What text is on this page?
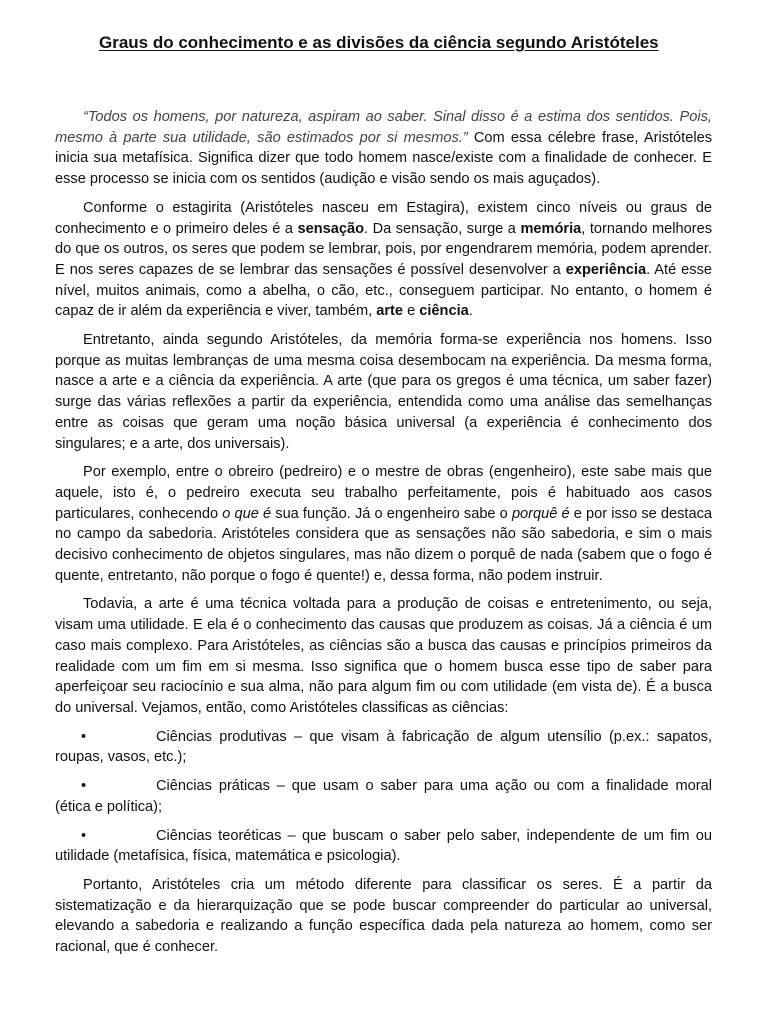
Graus do conhecimento e as divisões da ciência segundo Aristóteles

“Todos os homens, por natureza, aspiram ao saber. Sinal disso é a estima dos sentidos. Pois, mesmo à parte sua utilidade, são estimados por si mesmos.” Com essa célebre frase, Aristóteles inicia sua metafísica. Significa dizer que todo homem nasce/existe com a finalidade de conhecer. E esse processo se inicia com os sentidos (audição e visão sendo os mais aguçados).

Conforme o estagirita (Aristóteles nasceu em Estagira), existem cinco níveis ou graus de conhecimento e o primeiro deles é a sensação. Da sensação, surge a memória, tornando melhores do que os outros, os seres que podem se lembrar, pois, por engendrarem memória, podem aprender. E nos seres capazes de se lembrar das sensações é possível desenvolver a experiência. Até esse nível, muitos animais, como a abelha, o cão, etc., conseguem participar. No entanto, o homem é capaz de ir além da experiência e viver, também, arte e ciência.

Entretanto, ainda segundo Aristóteles, da memória forma-se experiência nos homens. Isso porque as muitas lembranças de uma mesma coisa desembocam na experiência. Da mesma forma, nasce a arte e a ciência da experiência. A arte (que para os gregos é uma técnica, um saber fazer) surge das várias reflexões a partir da experiência, entendida como uma análise das semelhanças entre as coisas que geram uma noção básica universal (a experiência é conhecimento dos singulares; e a arte, dos universais).

Por exemplo, entre o obreiro (pedreiro) e o mestre de obras (engenheiro), este sabe mais que aquele, isto é, o pedreiro executa seu trabalho perfeitamente, pois é habituado aos casos particulares, conhecendo o que é sua função. Já o engenheiro sabe o porquê é e por isso se destaca no campo da sabedoria. Aristóteles considera que as sensações não são sabedoria, e sim o mais decisivo conhecimento de objetos singulares, mas não dizem o porquê de nada (sabem que o fogo é quente, entretanto, não porque o fogo é quente!) e, dessa forma, não podem instruir.

Todavia, a arte é uma técnica voltada para a produção de coisas e entretenimento, ou seja, visam uma utilidade. E ela é o conhecimento das causas que produzem as coisas. Já a ciência é um caso mais complexo. Para Aristóteles, as ciências são a busca das causas e princípios primeiros da realidade com um fim em si mesma. Isso significa que o homem busca esse tipo de saber para aperfeiçoar seu raciocínio e sua alma, não para algum fim ou com utilidade (em vista de). É a busca do universal. Vejamos, então, como Aristóteles classificas as ciências:

•	Ciências produtivas – que visam à fabricação de algum utensílio (p.ex.: sapatos, roupas, vasos, etc.);
•	Ciências práticas – que usam o saber para uma ação ou com a finalidade moral (ética e política);
•	Ciências teoréticas – que buscam o saber pelo saber, independente de um fim ou utilidade (metafísica, física, matemática e psicologia).

Portanto, Aristóteles cria um método diferente para classificar os seres. É a partir da sistematização e da hierarquização que se pode buscar compreender do particular ao universal, elevando a sabedoria e realizando a função específica dada pela natureza ao homem, como ser racional, que é conhecer.
